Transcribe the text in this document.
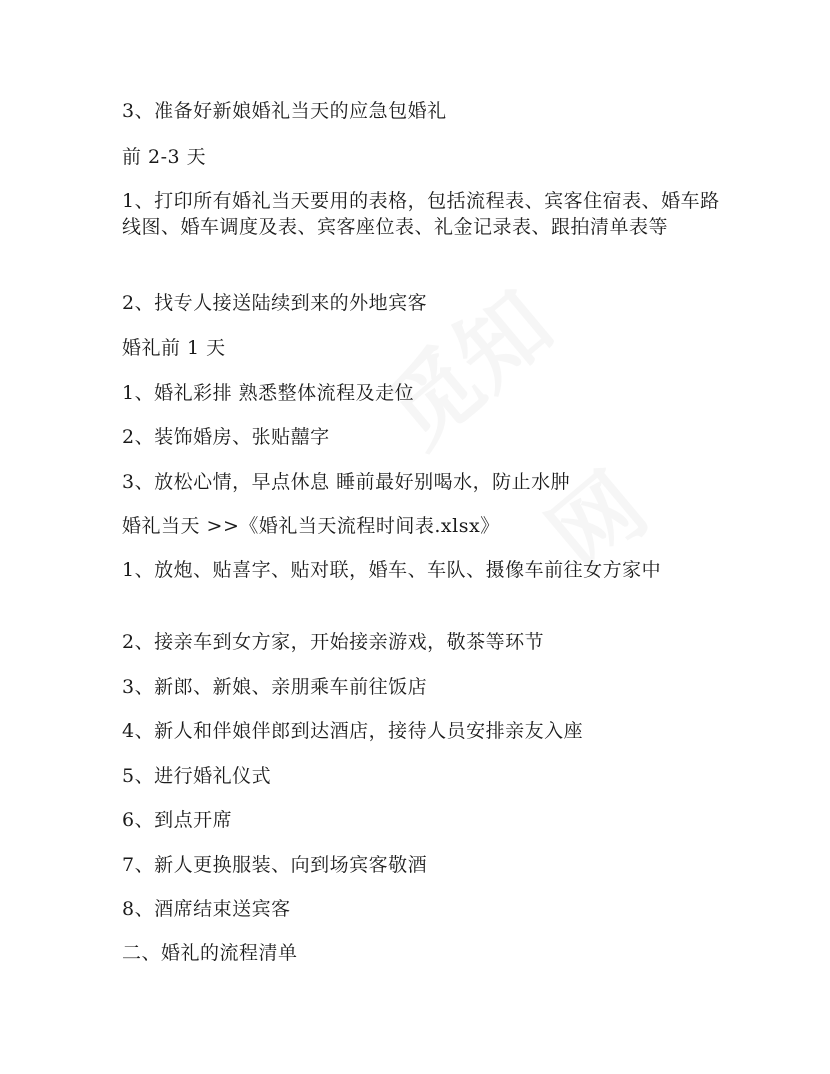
3、准备好新娘婚礼当天的应急包婚礼
前 2-3 天
1、打印所有婚礼当天要用的表格，包括流程表、宾客住宿表、婚车路线图、婚车调度及表、宾客座位表、礼金记录表、跟拍清单表等
2、找专人接送陆续到来的外地宾客
婚礼前 1 天
1、婚礼彩排 熟悉整体流程及走位
2、装饰婚房、张贴囍字
3、放松心情，早点休息 睡前最好别喝水，防止水肿
婚礼当天 >>《婚礼当天流程时间表.xlsx》
1、放炮、贴喜字、贴对联，婚车、车队、摄像车前往女方家中
2、接亲车到女方家，开始接亲游戏，敬茶等环节
3、新郎、新娘、亲朋乘车前往饭店
4、新人和伴娘伴郎到达酒店，接待人员安排亲友入座
5、进行婚礼仪式
6、到点开席
7、新人更换服装、向到场宾客敬酒
8、酒席结束送宾客
二、婚礼的流程清单
